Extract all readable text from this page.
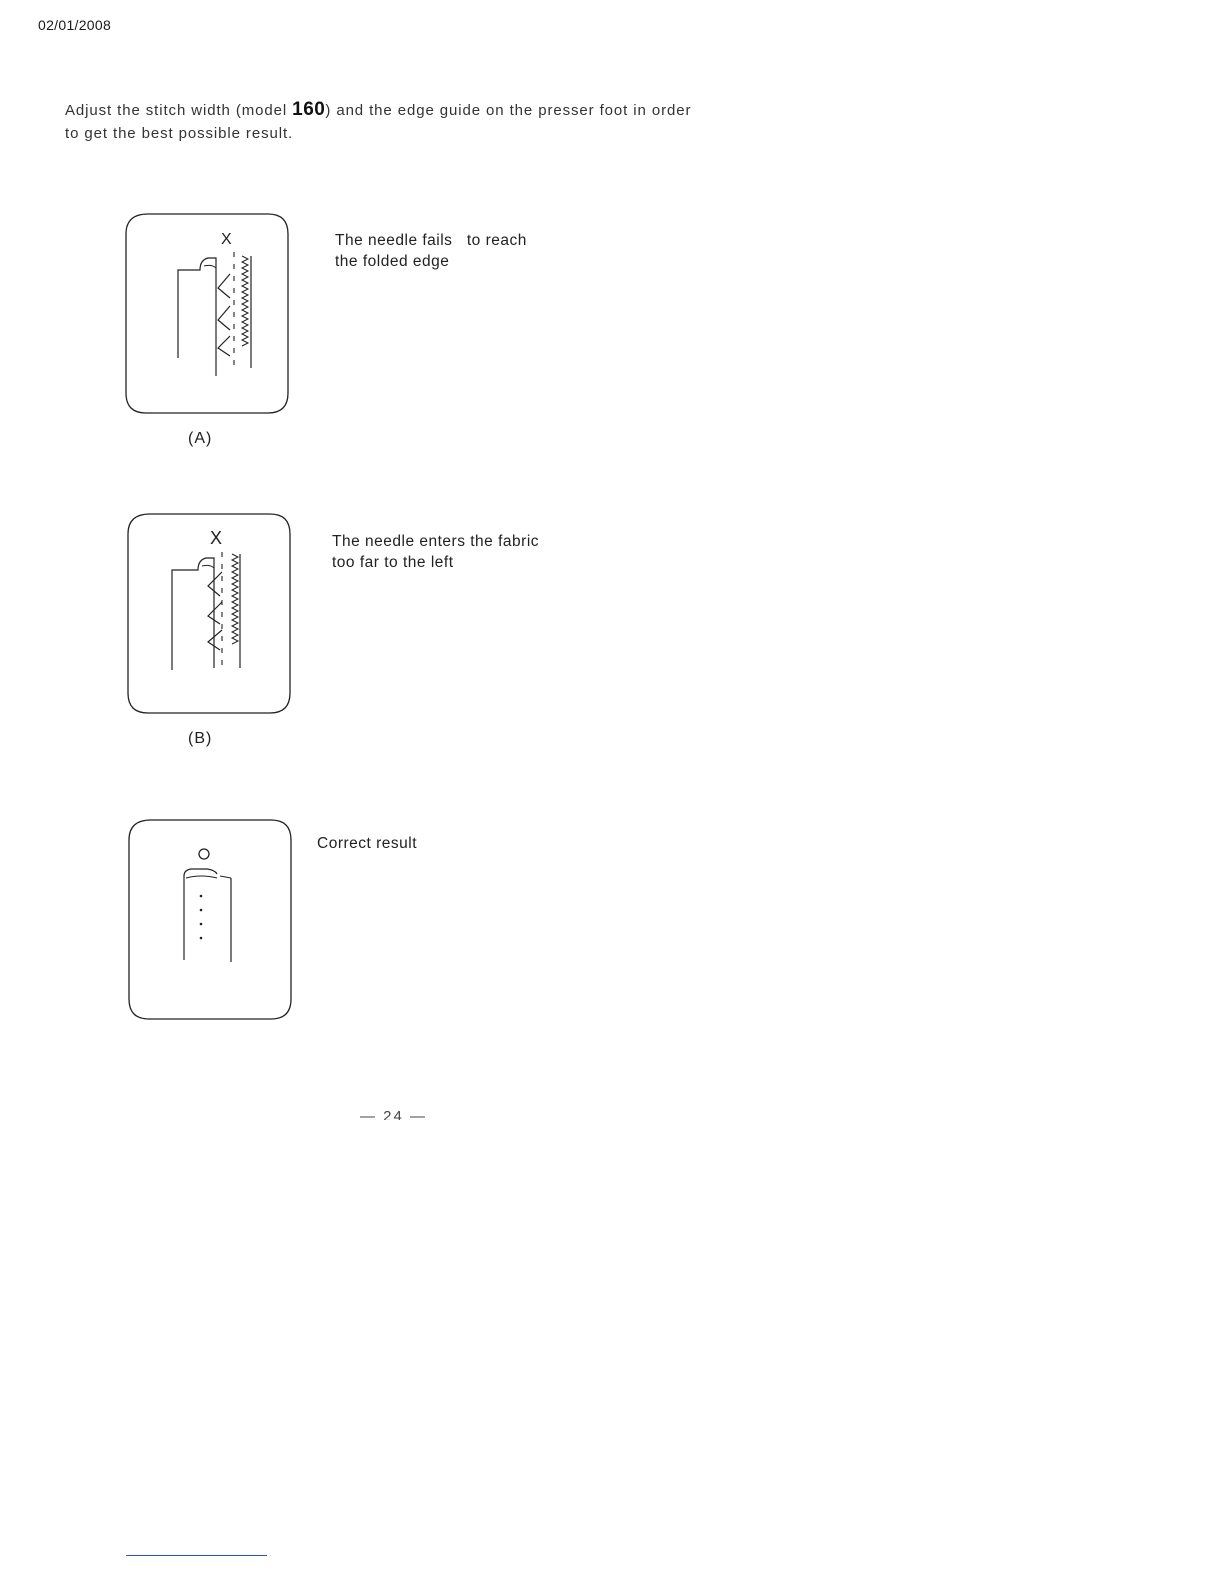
02/01/2008
Adjust the stitch width (model 160) and the edge guide on the presser foot in order
to get the best possible result.
X
(A)
The needle fails   to reach
the folded edge
X
(B)
The needle enters the fabric
too far to the left
Correct result
— 24 —
